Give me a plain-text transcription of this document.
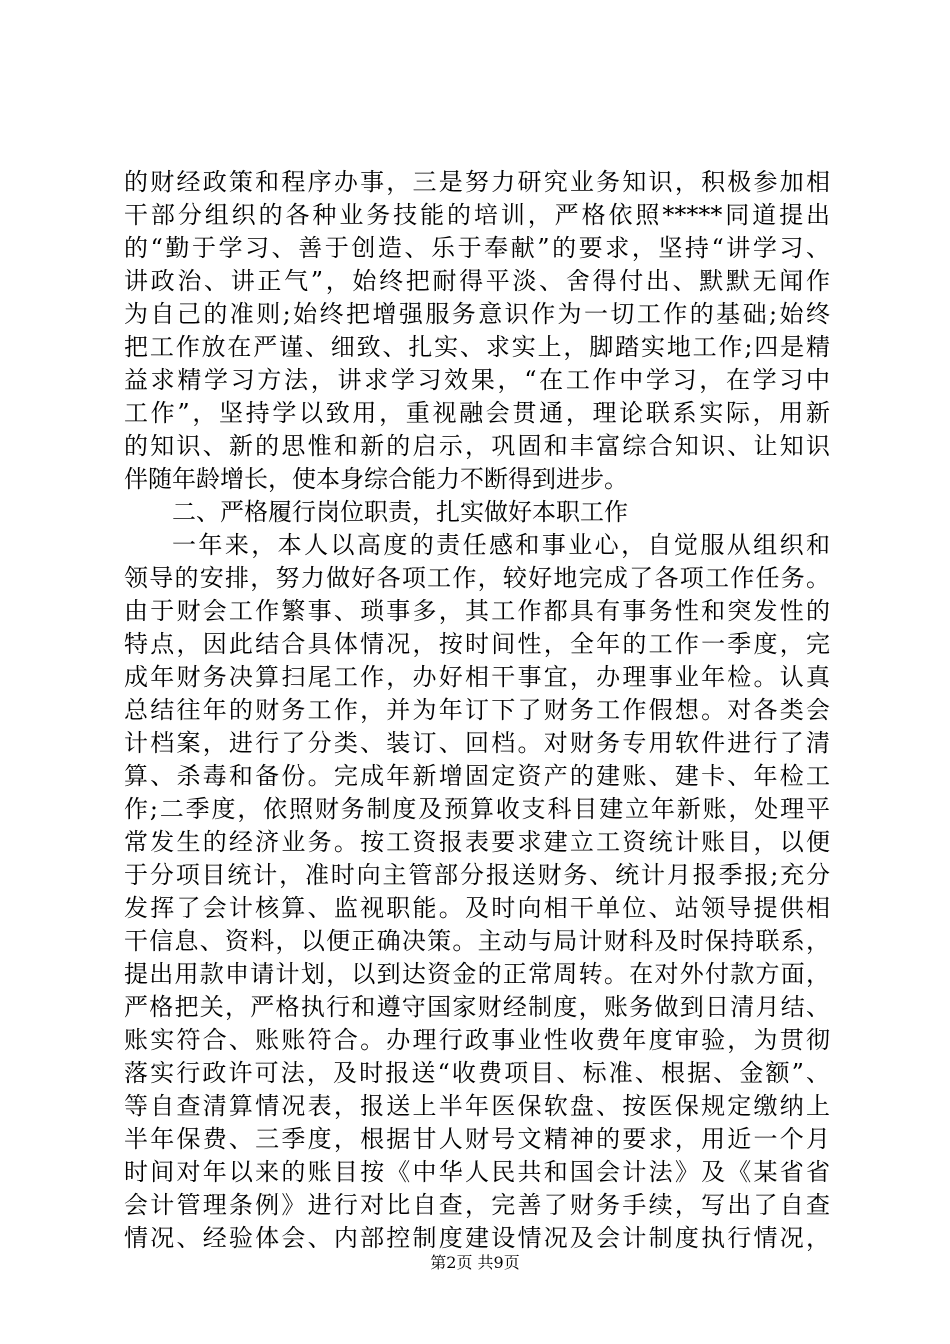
的财经政策和程序办事，三是努力研究业务知识，积极参加相
干部分组织的各种业务技能的培训，严格依照*****同道提出
的“勤于学习、善于创造、乐于奉献”的要求，坚持“讲学习、
讲政治、讲正气”，始终把耐得平淡、舍得付出、默默无闻作
为自己的准则;始终把增强服务意识作为一切工作的基础;始终
把工作放在严谨、细致、扎实、求实上，脚踏实地工作;四是精
益求精学习方法，讲求学习效果，“在工作中学习，在学习中
工作”，坚持学以致用，重视融会贯通，理论联系实际，用新
的知识、新的思惟和新的启示，巩固和丰富综合知识、让知识
伴随年龄增长，使本身综合能力不断得到进步。
二、严格履行岗位职责，扎实做好本职工作
一年来，本人以高度的责任感和事业心，自觉服从组织和
领导的安排，努力做好各项工作，较好地完成了各项工作任务。
由于财会工作繁事、琐事多，其工作都具有事务性和突发性的
特点，因此结合具体情况，按时间性，全年的工作一季度，完
成年财务决算扫尾工作，办好相干事宜，办理事业年检。认真
总结往年的财务工作，并为年订下了财务工作假想。对各类会
计档案，进行了分类、装订、回档。对财务专用软件进行了清
算、杀毒和备份。完成年新增固定资产的建账、建卡、年检工
作;二季度，依照财务制度及预算收支科目建立年新账，处理平
常发生的经济业务。按工资报表要求建立工资统计账目，以便
于分项目统计，准时向主管部分报送财务、统计月报季报;充分
发挥了会计核算、监视职能。及时向相干单位、站领导提供相
干信息、资料，以便正确决策。主动与局计财科及时保持联系，
提出用款申请计划，以到达资金的正常周转。在对外付款方面，
严格把关，严格执行和遵守国家财经制度，账务做到日清月结、
账实符合、账账符合。办理行政事业性收费年度审验，为贯彻
落实行政许可法，及时报送“收费项目、标准、根据、金额”、
等自查清算情况表，报送上半年医保软盘、按医保规定缴纳上
半年保费、三季度，根据甘人财号文精神的要求，用近一个月
时间对年以来的账目按《中华人民共和国会计法》及《某省省
会计管理条例》进行对比自查，完善了财务手续，写出了自查
情况、经验体会、内部控制度建设情况及会计制度执行情况，
第2页 共9页
